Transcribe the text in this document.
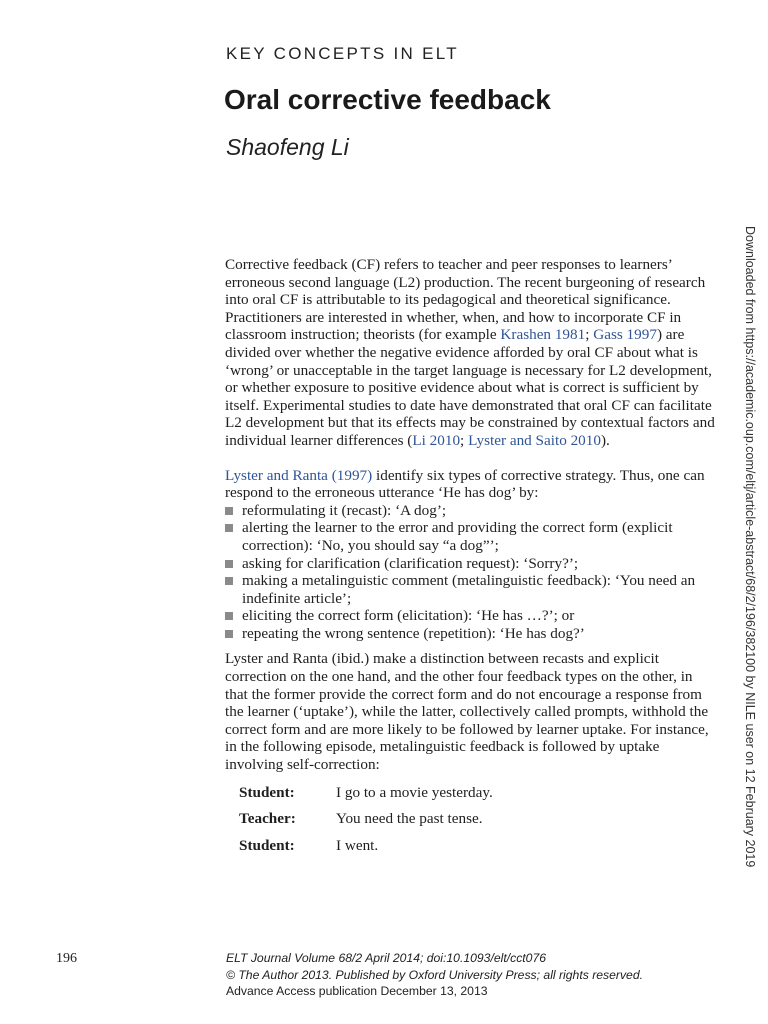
KEY CONCEPTS IN ELT
Oral corrective feedback
Shaofeng Li
Downloaded from https://academic.oup.com/eltj/article-abstract/68/2/196/382100 by NILE user on 12 February 2019

Corrective feedback (CF) refers to teacher and peer responses to learners’ erroneous second language (L2) production. The recent burgeoning of research into oral CF is attributable to its pedagogical and theoretical significance. Practitioners are interested in whether, when, and how to incorporate CF in classroom instruction; theorists (for example Krashen 1981; Gass 1997) are divided over whether the negative evidence afforded by oral CF about what is ‘wrong’ or unacceptable in the target language is necessary for L2 development, or whether exposure to positive evidence about what is correct is sufficient by itself. Experimental studies to date have demonstrated that oral CF can facilitate L2 development but that its effects may be constrained by contextual factors and individual learner differences (Li 2010; Lyster and Saito 2010).

Lyster and Ranta (1997) identify six types of corrective strategy. Thus, one can respond to the erroneous utterance ‘He has dog’ by:

reformulating it (recast): ‘A dog’;
alerting the learner to the error and providing the correct form (explicit correction): ‘No, you should say “a dog”’;
asking for clarification (clarification request): ‘Sorry?’;
making a metalinguistic comment (metalinguistic feedback): ‘You need an indefinite article’;
eliciting the correct form (elicitation): ‘He has …?’; or
repeating the wrong sentence (repetition): ‘He has dog?’

Lyster and Ranta (ibid.) make a distinction between recasts and explicit correction on the one hand, and the other four feedback types on the other, in that the former provide the correct form and do not encourage a response from the learner (‘uptake’), while the latter, collectively called prompts, withhold the correct form and are more likely to be followed by learner uptake. For instance, in the following episode, metalinguistic feedback is followed by uptake involving self-correction:

Student:	I go to a movie yesterday.
Teacher:	You need the past tense.
Student:	I went.
196	ELT Journal Volume 68/2 April 2014; doi:10.1093/elt/cct076
© The Author 2013. Published by Oxford University Press; all rights reserved.
Advance Access publication December 13, 2013
